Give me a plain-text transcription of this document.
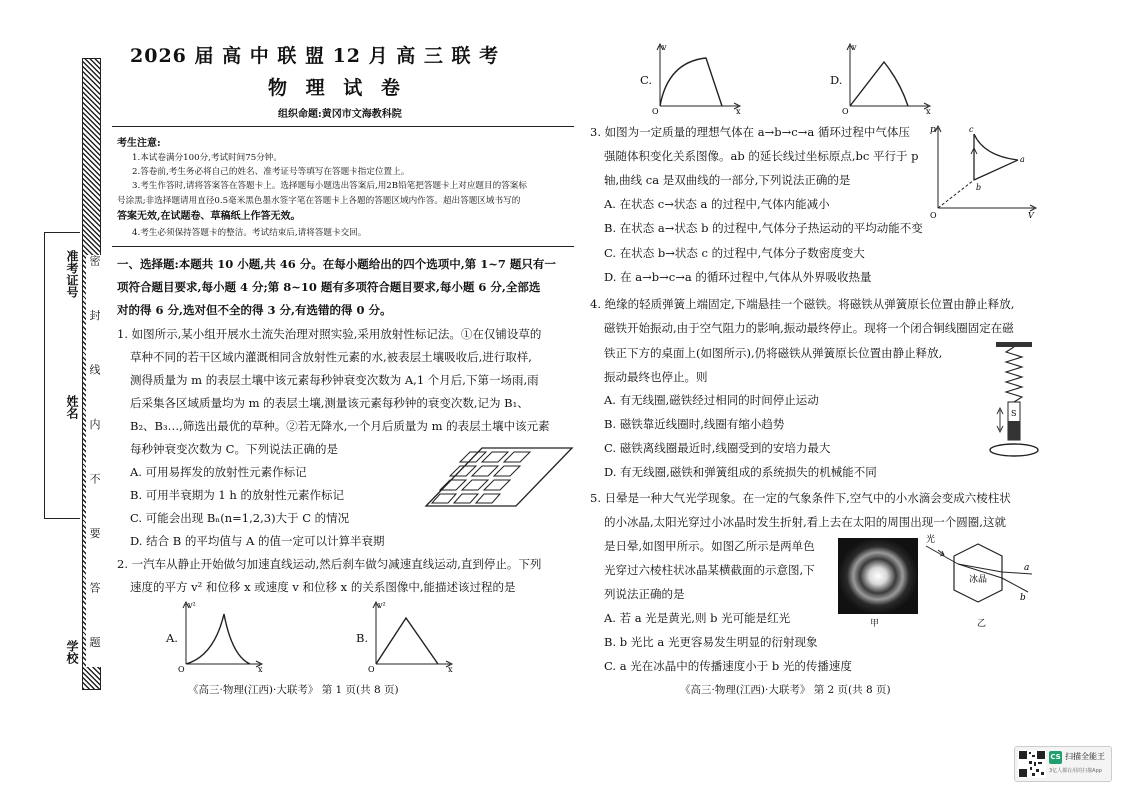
准考证号
姓名
学校 密 封 线 内 不 要 答 题
2026 届 高 中 联 盟 12 月 高 三 联 考
物 理 试 卷
组织命题:黄冈市文海教科院
考生注意:
1.本试卷满分100分,考试时间75分钟。
2.答卷前,考生务必将自己的姓名、准考证号等填写在答题卡指定位置上。
3.考生作答时,请将答案答在答题卡上。选择题每小题选出答案后,用2B铅笔把答题卡上对应题目的答案标
号涂黑;非选择题请用直径0.5毫米黑色墨水签字笔在答题卡上各题的答题区域内作答。超出答题区域书写的
答案无效,在试题卷、草稿纸上作答无效。
4.考生必须保持答题卡的整洁。考试结束后,请将答题卡交回。
一、选择题:本题共 10 小题,共 46 分。在每小题给出的四个选项中,第 1~7 题只有一
项符合题目要求,每小题 4 分;第 8~10 题有多项符合题目要求,每小题 6 分,全部选
对的得 6 分,选对但不全的得 3 分,有选错的得 0 分。
1. 如图所示,某小组开展水土流失治理对照实验,采用放射性标记法。①在仅铺设草的
草种不同的若干区域内灌溉相同含放射性元素的水,被表层土壤吸收后,进行取样,
测得质量为 m 的表层土壤中该元素每秒钟衰变次数为 A,1 个月后,下第一场雨,雨
后采集各区域质量均为 m 的表层土壤,测量该元素每秒钟的衰变次数,记为 B₁、
B₂、B₃…,筛选出最优的草种。②若无降水,一个月后质量为 m 的表层土壤中该元素
每秒钟衰变次数为 C。下列说法正确的是
A. 可用易挥发的放射性元素作标记
B. 可用半衰期为 1 h 的放射性元素作标记
C. 可能会出现 Bₙ(n=1,2,3)大于 C 的情况
D. 结合 B 的平均值与 A 的值一定可以计算半衰期
2. 一汽车从静止开始做匀加速直线运动,然后刹车做匀减速直线运动,直到停止。下列
速度的平方 v² 和位移 x 或速度 v 和位移 x 的关系图像中,能描述该过程的是
A.
v²
O	x
B.
v²
O	x
《高三·物理(江西)·大联考》 第 1 页(共 8 页)
C.
v
O	x
D.
v
O	x
3. 如图为一定质量的理想气体在 a→b→c→a 循环过程中气体压
强随体积变化关系图像。ab 的延长线过坐标原点,bc 平行于 p
轴,曲线 ca 是双曲线的一部分,下列说法正确的是
A. 在状态 c→状态 a 的过程中,气体内能减小
B. 在状态 a→状态 b 的过程中,气体分子热运动的平均动能不变
C. 在状态 b→状态 c 的过程中,气体分子数密度变大
D. 在 a→b→c→a 的循环过程中,气体从外界吸收热量
p
O	V
c
a
b
4. 绝缘的轻质弹簧上端固定,下端悬挂一个磁铁。将磁铁从弹簧原长位置由静止释放,
磁铁开始振动,由于空气阻力的影响,振动最终停止。现将一个闭合铜线圈固定在磁
铁正下方的桌面上(如图所示),仍将磁铁从弹簧原长位置由静止释放,
振动最终也停止。则
A. 有无线圈,磁铁经过相同的时间停止运动
B. 磁铁靠近线圈时,线圈有缩小趋势
C. 磁铁离线圈最近时,线圈受到的安培力最大
D. 有无线圈,磁铁和弹簧组成的系统损失的机械能不同
S
5. 日晕是一种大气光学现象。在一定的气象条件下,空气中的小水滴会变成六棱柱状
的小冰晶,太阳光穿过小冰晶时发生折射,看上去在太阳的周围出现一个圆圈,这就
是日晕,如图甲所示。如图乙所示是两单色
光穿过六棱柱状冰晶某横截面的示意图,下
列说法正确的是
A. 若 a 光是黄光,则 b 光可能是红光
B. b 光比 a 光更容易发生明显的衍射现象
C. a 光在冰晶中的传播速度小于 b 光的传播速度
甲
冰晶
光
a
b
乙
《高三·物理(江西)·大联考》 第 2 页(共 8 页)
CS 扫描全能王
3亿人都在用的扫描App
